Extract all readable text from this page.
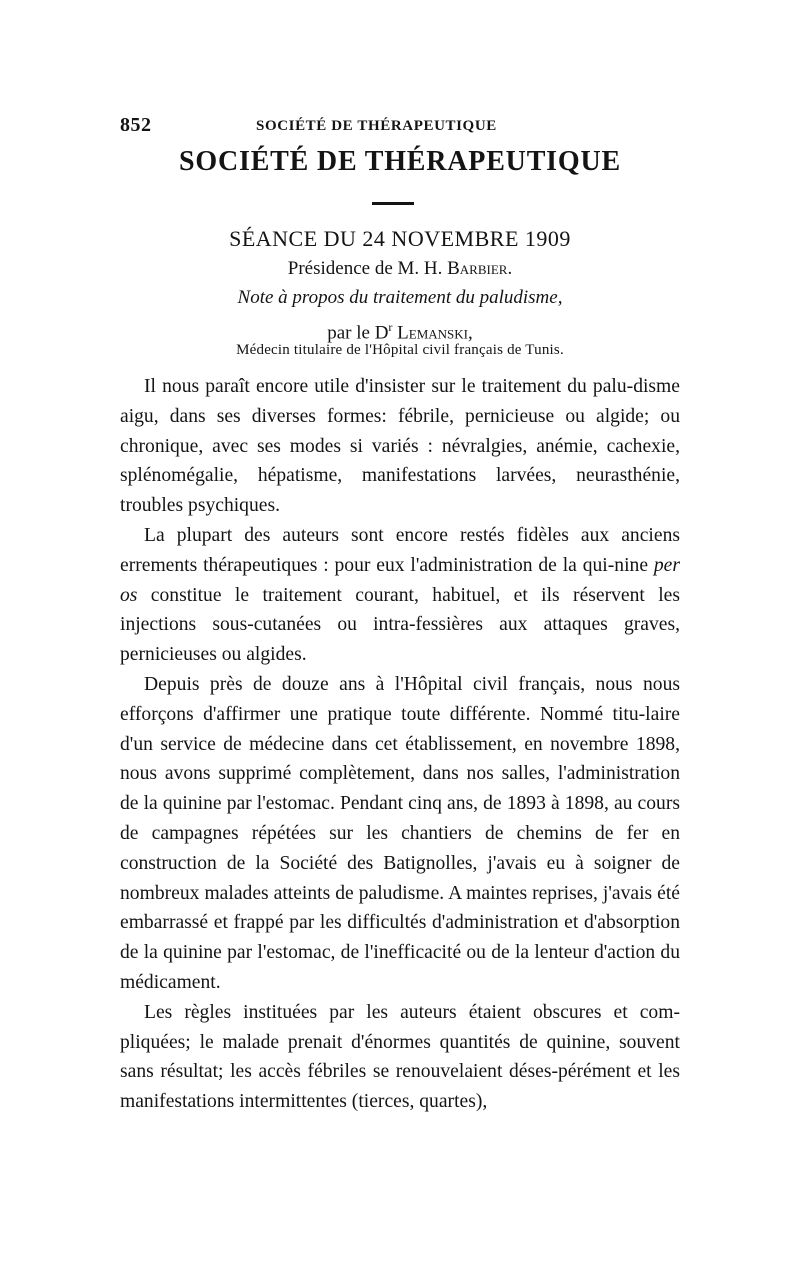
852	SOCIÉTÉ DE THÉRAPEUTIQUE
SOCIÉTÉ DE THÉRAPEUTIQUE
SÉANCE DU 24 NOVEMBRE 1909
Présidence de M. H. Barbier.
Note à propos du traitement du paludisme,
par le $D^r$ Lemanski,
Médecin titulaire de l'Hôpital civil français de Tunis.

Il nous paraît encore utile d'insister sur le traitement du palu-disme aigu, dans ses diverses formes: fébrile, pernicieuse ou algide; ou chronique, avec ses modes si variés : névralgies, anémie, cachexie, splénomégalie, hépatisme, manifestations larvées, neurasthénie, troubles psychiques.

La plupart des auteurs sont encore restés fidèles aux anciens errements thérapeutiques : pour eux l'administration de la qui-nine per os constitue le traitement courant, habituel, et ils réservent les injections sous-cutanées ou intra-fessières aux attaques graves, pernicieuses ou algides.

Depuis près de douze ans à l'Hôpital civil français, nous nous efforçons d'affirmer une pratique toute différente. Nommé titu-laire d'un service de médecine dans cet établissement, en novembre 1898, nous avons supprimé complètement, dans nos salles, l'administration de la quinine par l'estomac. Pendant cinq ans, de 1893 à 1898, au cours de campagnes répétées sur les chantiers de chemins de fer en construction de la Société des Batignolles, j'avais eu à soigner de nombreux malades atteints de paludisme. A maintes reprises, j'avais été embarrassé et frappé par les difficultés d'administration et d'absorption de la quinine par l'estomac, de l'inefficacité ou de la lenteur d'action du médicament.

Les règles instituées par les auteurs étaient obscures et com-pliquées; le malade prenait d'énormes quantités de quinine, souvent sans résultat; les accès fébriles se renouvelaient déses-pérément et les manifestations intermittentes (tierces, quartes),
